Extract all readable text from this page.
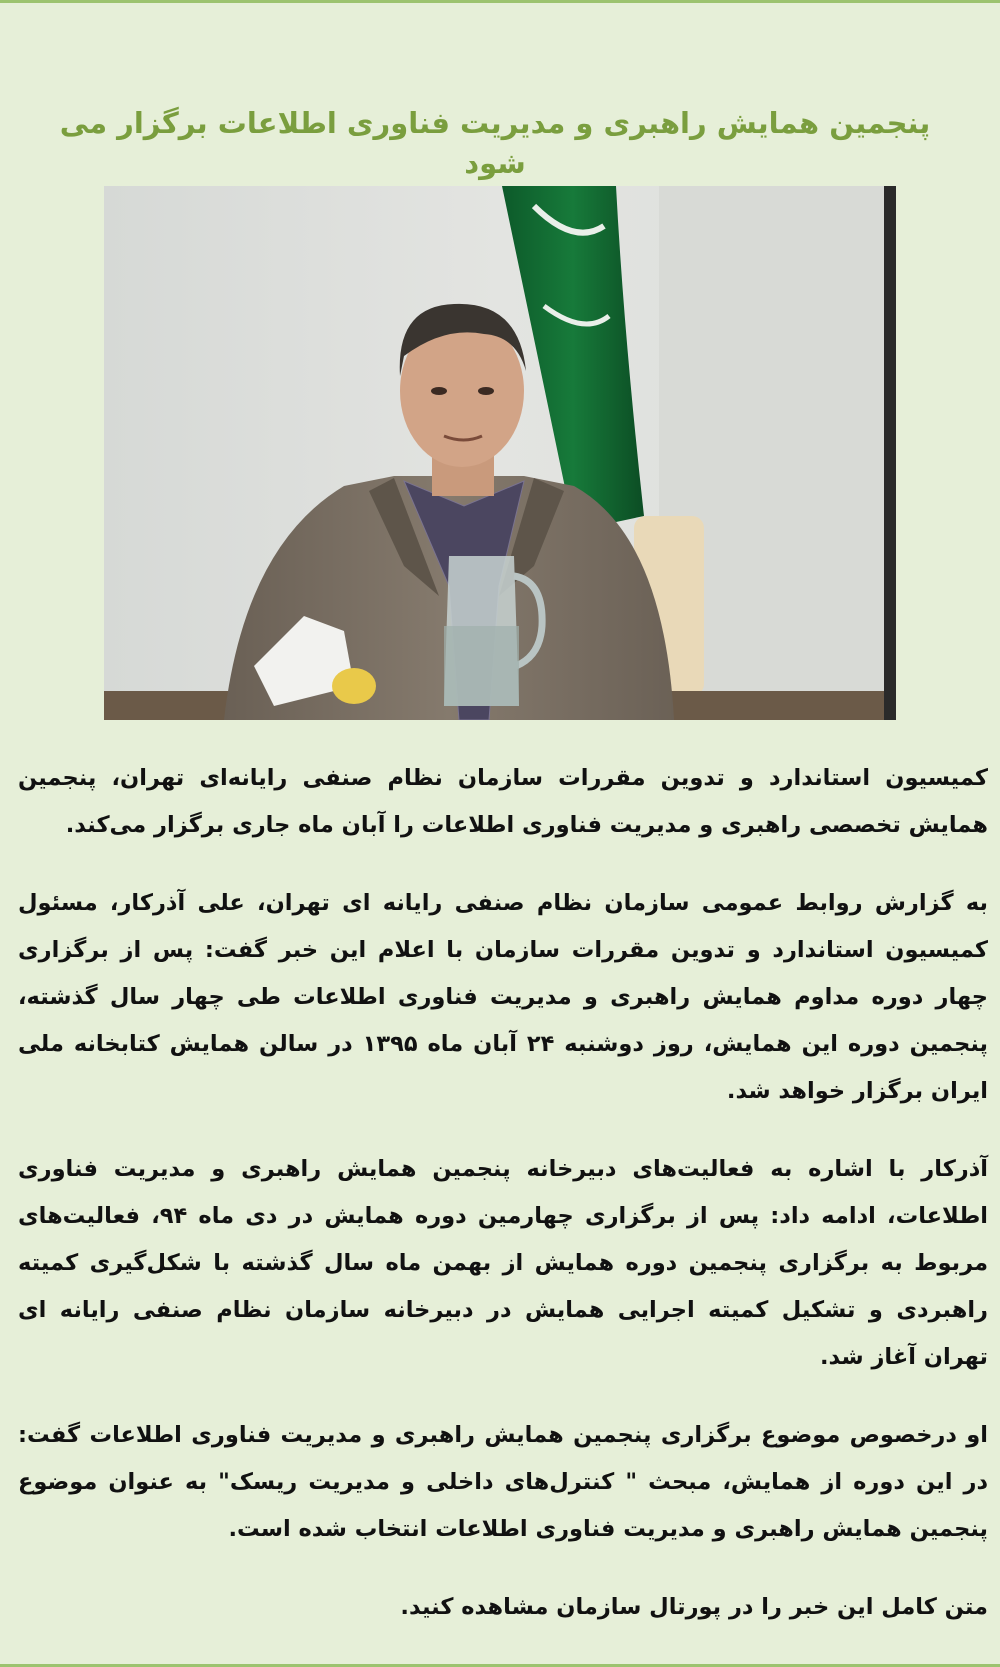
پنجمین همایش راهبری و مدیریت فناوری اطلاعات برگزار می شود

کمیسیون استاندارد و تدوین مقررات سازمان نظام صنفی رایانه‌ای تهران، پنجمین همایش تخصصی راهبری و مدیریت فناوری اطلاعات را آبان ماه جاری برگزار می‌کند.

به گزارش روابط عمومی سازمان نظام صنفی رایانه ای تهران، علی آذرکار، مسئول کمیسیون استاندارد و تدوین مقررات سازمان با اعلام این خبر گفت: پس از برگزاری چهار دوره مداوم همایش راهبری و مدیریت فناوری اطلاعات طی چهار سال گذشته، پنجمین دوره این همایش، روز دوشنبه ۲۴ آبان ماه ۱۳۹۵ در سالن همایش کتابخانه ملی ایران برگزار خواهد شد.

آذرکار با اشاره به فعالیت‌های دبیرخانه پنجمین همایش راهبری و مدیریت فناوری اطلاعات، ادامه داد: پس از برگزاری چهارمین دوره همایش در دی ماه ۹۴، فعالیت‌های مربوط به برگزاری پنجمین دوره همایش از بهمن ماه سال گذشته با شکل‌گیری کمیته راهبردی و تشکیل کمیته اجرایی همایش در دبیرخانه سازمان نظام صنفی رایانه ای تهران آغاز شد.

او درخصوص موضوع برگزاری پنجمین همایش راهبری و مدیریت فناوری اطلاعات گفت: در این دوره از همایش، مبحث " کنترل‌های داخلی و مدیریت ریسک" به عنوان موضوع پنجمین همایش راهبری و مدیریت فناوری اطلاعات انتخاب شده است.

متن کامل این خبر را در پورتال سازمان مشاهده کنید.
